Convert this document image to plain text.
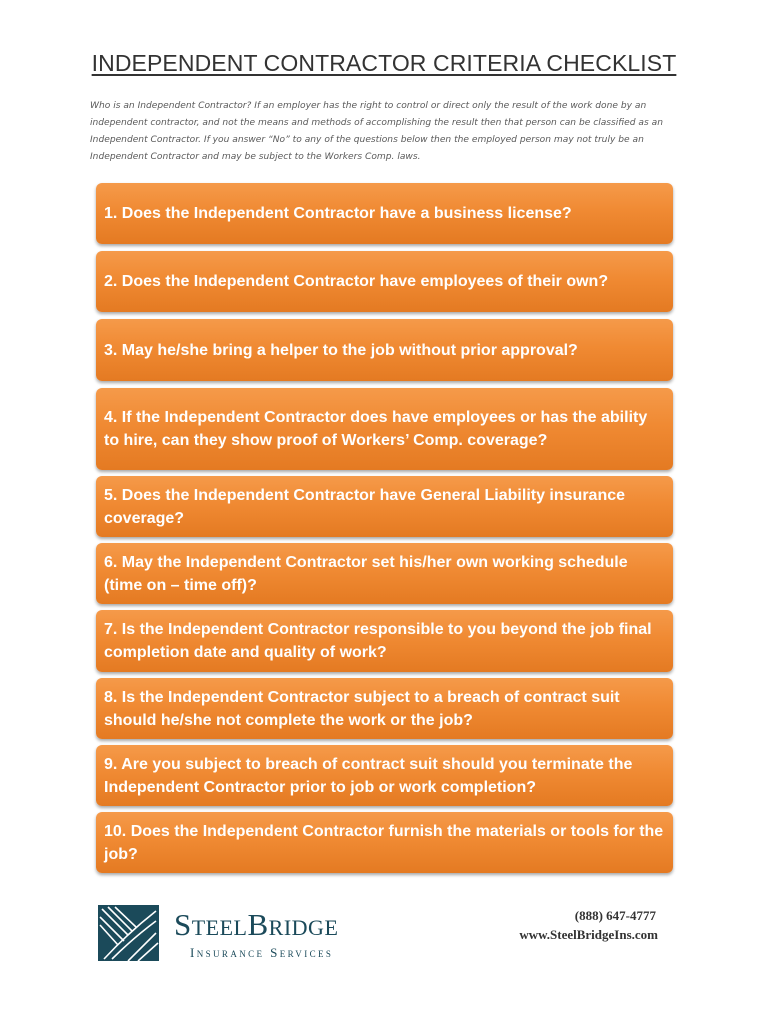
INDEPENDENT CONTRACTOR CRITERIA CHECKLIST
Who is an Independent Contractor? If an employer has the right to control or direct only the result of the work done by an independent contractor, and not the means and methods of accomplishing the result then that person can be classified as an Independent Contractor. If you answer “No” to any of the questions below then the employed person may not truly be an Independent Contractor and may be subject to the Workers Comp. laws.
1. Does the Independent Contractor have a business license?
2. Does the Independent Contractor have employees of their own?
3. May he/she bring a helper to the job without prior approval?
4. If the Independent Contractor does have employees or has the ability to hire, can they show proof of Workers’ Comp. coverage?
5. Does the Independent Contractor have General Liability insurance coverage?
6. May the Independent Contractor set his/her own working schedule (time on – time off)?
7. Is the Independent Contractor responsible to you beyond the job final completion date and quality of work?
8. Is the Independent Contractor subject to a breach of contract suit should he/she not complete the work or the job?
9. Are you subject to breach of contract suit should you terminate the Independent Contractor prior to job or work completion?
10. Does the Independent Contractor furnish the materials or tools for the job?
SteelBridge
Insurance Services
(888) 647-4777
www.SteelBridgeIns.com
